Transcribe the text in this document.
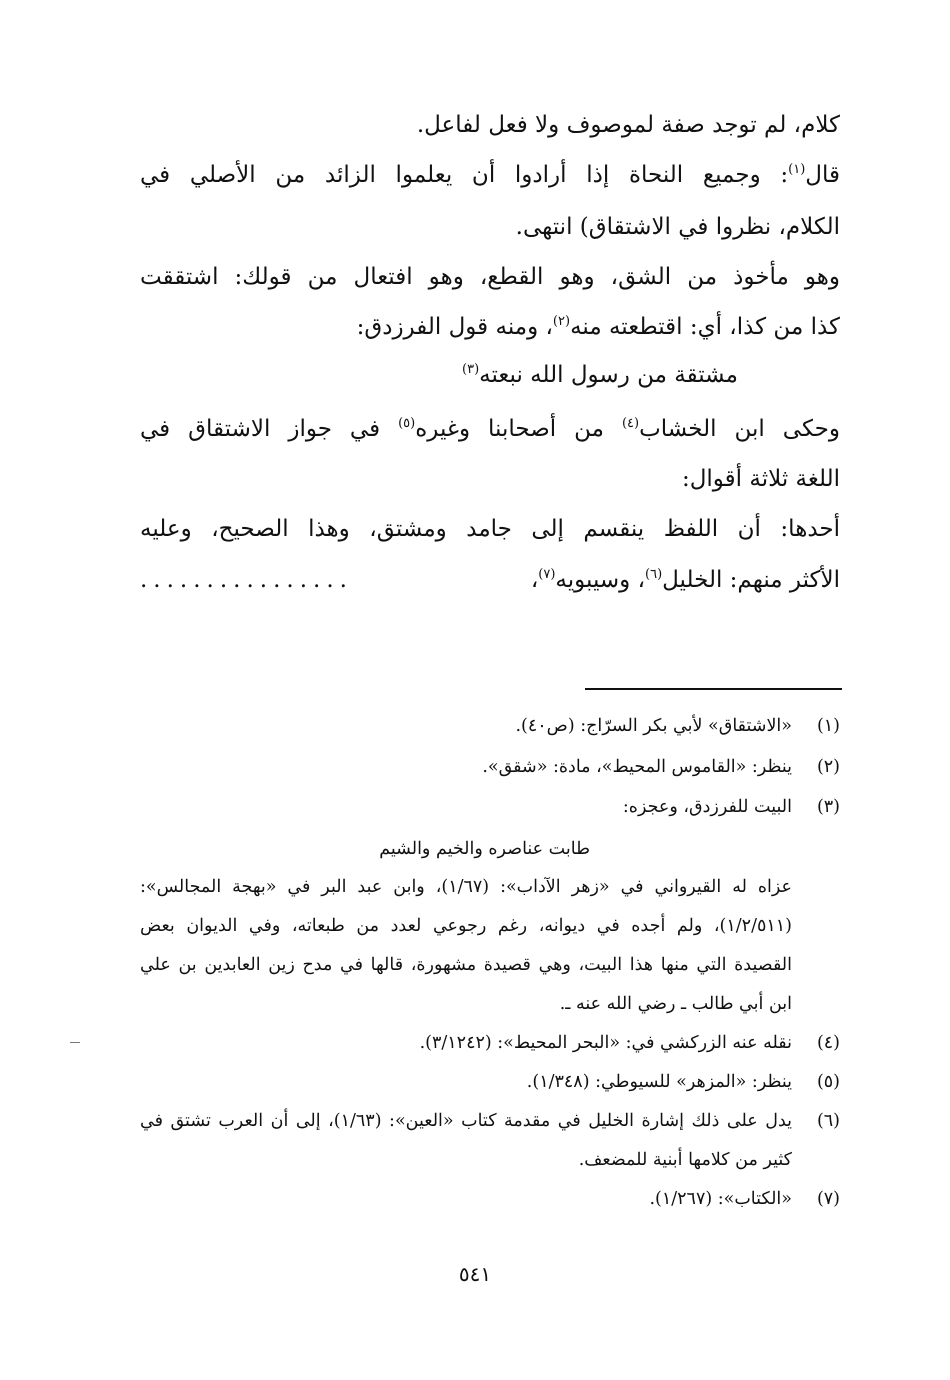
كلام، لم توجد صفة لموصوف ولا فعل لفاعل.
قال$^{(١)}$: وجميع النحاة إذا أرادوا أن يعلموا الزائد من الأصلي في
الكلام، نظروا في الاشتقاق) انتهى.
وهو مأخوذ من الشق، وهو القطع، وهو افتعال من قولك: اشتققت
كذا من كذا، أي: اقتطعته منه$^{(٢)}$، ومنه قول الفرزدق:
مشتقة من رسول الله نبعته$^{(٣)}$
وحكى ابن الخشاب$^{(٤)}$ من أصحابنا وغيره$^{(٥)}$ في جواز الاشتقاق في
اللغة ثلاثة أقوال:
أحدها: أن اللفظ ينقسم إلى جامد ومشتق، وهذا الصحيح، وعليه
الأكثر منهم: الخليل$^{(٦)}$، وسيبويه$^{(٧)}$،
................
(١)
«الاشتقاق» لأبي بكر السرّاج: (ص٤٠).
(٢)
ينظر: «القاموس المحيط»، مادة: «شقق».
(٣)
البيت للفرزدق، وعجزه:
طابت عناصره والخيم والشيم
عزاه له القيرواني في «زهر الآداب»: (١/٦٧)، وابن عبد البر في «بهجة المجالس»:
(١/٢/٥١١)، ولم أجده في ديوانه، رغم رجوعي لعدد من طبعاته، وفي الديوان بعض
القصيدة التي منها هذا البيت، وهي قصيدة مشهورة، قالها في مدح زين العابدين بن علي
ابن أبي طالب ـ رضي الله عنه ـ.
(٤)
نقله عنه الزركشي في: «البحر المحيط»: (٣/١٢٤٢).
(٥)
ينظر: «المزهر» للسيوطي: (١/٣٤٨).
(٦)
يدل على ذلك إشارة الخليل في مقدمة كتاب «العين»: (١/٦٣)، إلى أن العرب تشتق في
كثير من كلامها أبنية للمضعف.
(٧)
«الكتاب»: (١/٢٦٧).
٥٤١
